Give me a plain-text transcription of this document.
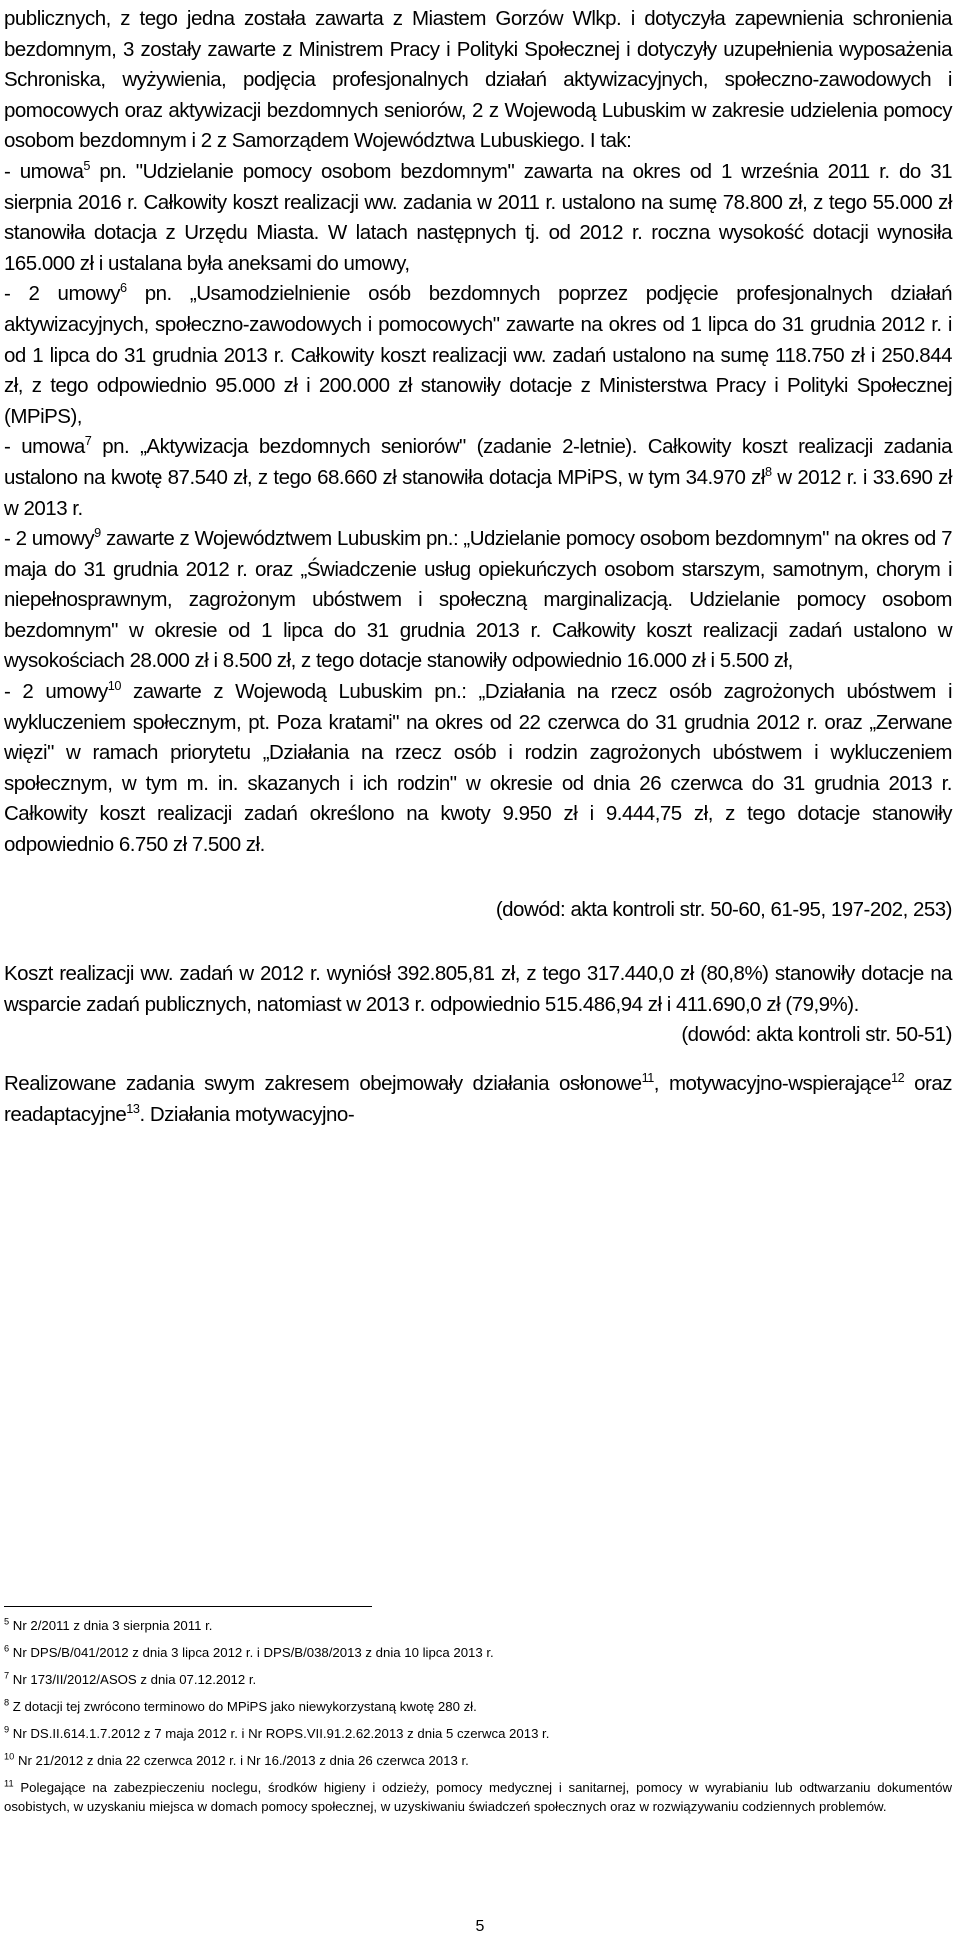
publicznych, z tego jedna została zawarta z Miastem Gorzów Wlkp. i dotyczyła zapewnienia schronienia bezdomnym, 3 zostały zawarte z Ministrem Pracy i Polityki Społecznej i dotyczyły uzupełnienia wyposażenia Schroniska, wyżywienia, podjęcia profesjonalnych działań aktywizacyjnych, społeczno-zawodowych i pomocowych oraz aktywizacji bezdomnych seniorów, 2 z Wojewodą Lubuskim w zakresie udzielenia pomocy osobom bezdomnym i 2 z Samorządem Województwa Lubuskiego. I tak:

- umowa$^5$ pn. "Udzielanie pomocy osobom bezdomnym" zawarta na okres od 1 września 2011 r. do 31 sierpnia 2016 r. Całkowity koszt realizacji ww. zadania w 2011 r. ustalono na sumę 78.800 zł, z tego 55.000 zł stanowiła dotacja z Urzędu Miasta. W latach następnych tj. od 2012 r. roczna wysokość dotacji wynosiła 165.000 zł i ustalana była aneksami do umowy,

- 2 umowy$^6$ pn. „Usamodzielnienie osób bezdomnych poprzez podjęcie profesjonalnych działań aktywizacyjnych, społeczno-zawodowych i pomocowych" zawarte na okres od 1 lipca do 31 grudnia 2012 r. i od 1 lipca do 31 grudnia 2013 r. Całkowity koszt realizacji ww. zadań ustalono na sumę 118.750 zł i 250.844 zł, z tego odpowiednio 95.000 zł i 200.000 zł stanowiły dotacje z Ministerstwa Pracy i Polityki Społecznej (MPiPS),

- umowa$^7$ pn. „Aktywizacja bezdomnych seniorów" (zadanie 2-letnie). Całkowity koszt realizacji zadania ustalono na kwotę 87.540 zł, z tego 68.660 zł stanowiła dotacja MPiPS, w tym 34.970 $zł^8$ w 2012 r. i 33.690 zł w 2013 r.

- 2 umowy$^9$ zawarte z Województwem Lubuskim pn.: „Udzielanie pomocy osobom bezdomnym" na okres od 7 maja do 31 grudnia 2012 r. oraz „Świadczenie usług opiekuńczych osobom starszym, samotnym, chorym i niepełnosprawnym, zagrożonym ubóstwem i społeczną marginalizacją. Udzielanie pomocy osobom bezdomnym" w okresie od 1 lipca do 31 grudnia 2013 r. Całkowity koszt realizacji zadań ustalono w wysokościach 28.000 zł i 8.500 zł, z tego dotacje stanowiły odpowiednio 16.000 zł i 5.500 zł,

- 2 umowy$^{10}$ zawarte z Wojewodą Lubuskim pn.: „Działania na rzecz osób zagrożonych ubóstwem i wykluczeniem społecznym, pt. Poza kratami" na okres od 22 czerwca do 31 grudnia 2012 r. oraz „Zerwane więzi" w ramach priorytetu „Działania na rzecz osób i rodzin zagrożonych ubóstwem i wykluczeniem społecznym, w tym m. in. skazanych i ich rodzin" w okresie od dnia 26 czerwca do 31 grudnia 2013 r. Całkowity koszt realizacji zadań określono na kwoty 9.950 zł i 9.444,75 zł, z tego dotacje stanowiły odpowiednio 6.750 zł 7.500 zł.

(dowód: akta kontroli str. 50-60, 61-95, 197-202, 253)

Koszt realizacji ww. zadań w 2012 r. wyniósł 392.805,81 zł, z tego 317.440,0 zł (80,8%) stanowiły dotacje na wsparcie zadań publicznych, natomiast w 2013 r. odpowiednio 515.486,94 zł i 411.690,0 zł (79,9%).

(dowód: akta kontroli str. 50-51)

Realizowane zadania swym zakresem obejmowały działania osłonowe$^{11}$, motywacyjno-wspierające$^{12}$ oraz readaptacyjne$^{13}$. Działania motywacyjno-

$^5$ Nr 2/2011 z dnia 3 sierpnia 2011 r.

$^6$ Nr DPS/B/041/2012 z dnia 3 lipca 2012 r. i DPS/B/038/2013 z dnia 10 lipca 2013 r.

$^7$ Nr 173/II/2012/ASOS z dnia 07.12.2012 r.

$^8$ Z dotacji tej zwrócono terminowo do MPiPS jako niewykorzystaną kwotę 280 zł.

$^9$ Nr DS.II.614.1.7.2012 z 7 maja 2012 r. i Nr ROPS.VII.91.2.62.2013 z dnia 5 czerwca 2013 r.

$^{10}$ Nr 21/2012 z dnia 22 czerwca 2012 r. i Nr 16./2013 z dnia 26 czerwca 2013 r.

$^{11}$ Polegające na zabezpieczeniu noclegu, środków higieny i odzieży, pomocy medycznej i sanitarnej, pomocy w wyrabianiu lub odtwarzaniu dokumentów osobistych, w uzyskaniu miejsca w domach pomocy społecznej, w uzyskiwaniu świadczeń społecznych oraz w rozwiązywaniu codziennych problemów.

5
